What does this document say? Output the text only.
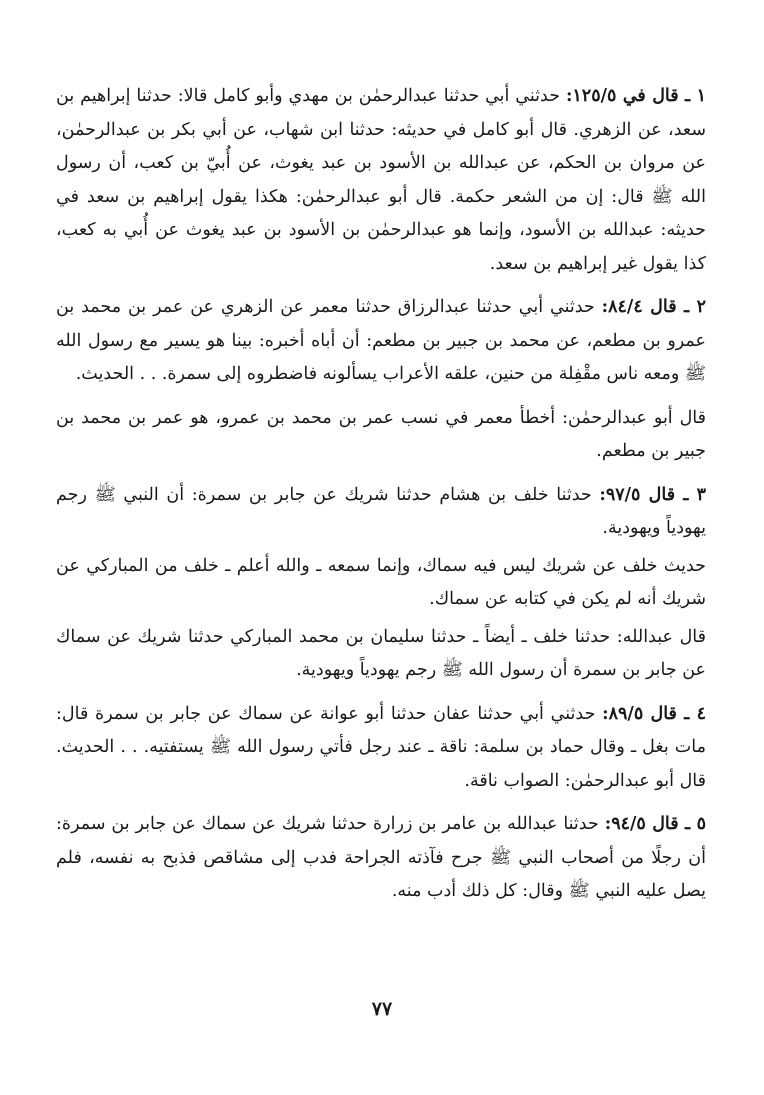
١ ـ قال في ١٢٥/٥: حدثني أبي حدثنا عبدالرحمٰن بن مهدي وأبو كامل قالا: حدثنا إبراهيم بن سعد، عن الزهري. قال أبو كامل في حديثه: حدثنا ابن شهاب، عن أبي بكر بن عبدالرحمٰن، عن مروان بن الحكم، عن عبدالله بن الأسود بن عبد يغوث، عن أُبيّ بن كعب، أن رسول الله ﷺ قال: إن من الشعر حكمة. قال أبو عبدالرحمٰن: هكذا يقول إبراهيم بن سعد في حديثه: عبدالله بن الأسود، وإنما هو عبدالرحمٰن بن الأسود بن عبد يغوث عن أُبي به كعب، كذا يقول غير إبراهيم بن سعد.

٢ ـ قال ٨٤/٤: حدثني أبي حدثنا عبدالرزاق حدثنا معمر عن الزهري عن عمر بن محمد بن عمرو بن مطعم، عن محمد بن جبير بن مطعم: أن أباه أخبره: بينا هو يسير مع رسول الله ﷺ ومعه ناس مقْفِلة من حنين، علقه الأعراب يسألونه فاضطروه إلى سمرة. . . الحديث.

قال أبو عبدالرحمٰن: أخطأ معمر في نسب عمر بن محمد بن عمرو، هو عمر بن محمد بن جبير بن مطعم.

٣ ـ قال ٩٧/٥: حدثنا خلف بن هشام حدثنا شريك عن جابر بن سمرة: أن النبي ﷺ رجم يهودياً ويهودية.

حديث خلف عن شريك ليس فيه سماك، وإنما سمعه ـ والله أعلم ـ خلف من المباركي عن شريك أنه لم يكن في كتابه عن سماك.

قال عبدالله: حدثنا خلف ـ أيضاً ـ حدثنا سليمان بن محمد المباركي حدثنا شريك عن سماك عن جابر بن سمرة أن رسول الله ﷺ رجم يهودياً ويهودية.

٤ ـ قال ٨٩/٥: حدثني أبي حدثنا عفان حدثنا أبو عوانة عن سماك عن جابر بن سمرة قال: مات بغل ـ وقال حماد بن سلمة: ناقة ـ عند رجل فأتي رسول الله ﷺ يستفتيه. . . الحديث. قال أبو عبدالرحمٰن: الصواب ناقة.

٥ ـ قال ٩٤/٥: حدثنا عبدالله بن عامر بن زرارة حدثنا شريك عن سماك عن جابر بن سمرة: أن رجلًا من أصحاب النبي ﷺ جرح فآذته الجراحة فدب إلى مشاقص فذبح به نفسه، فلم يصل عليه النبي ﷺ وقال: كل ذلك أدب منه.

٧٧
